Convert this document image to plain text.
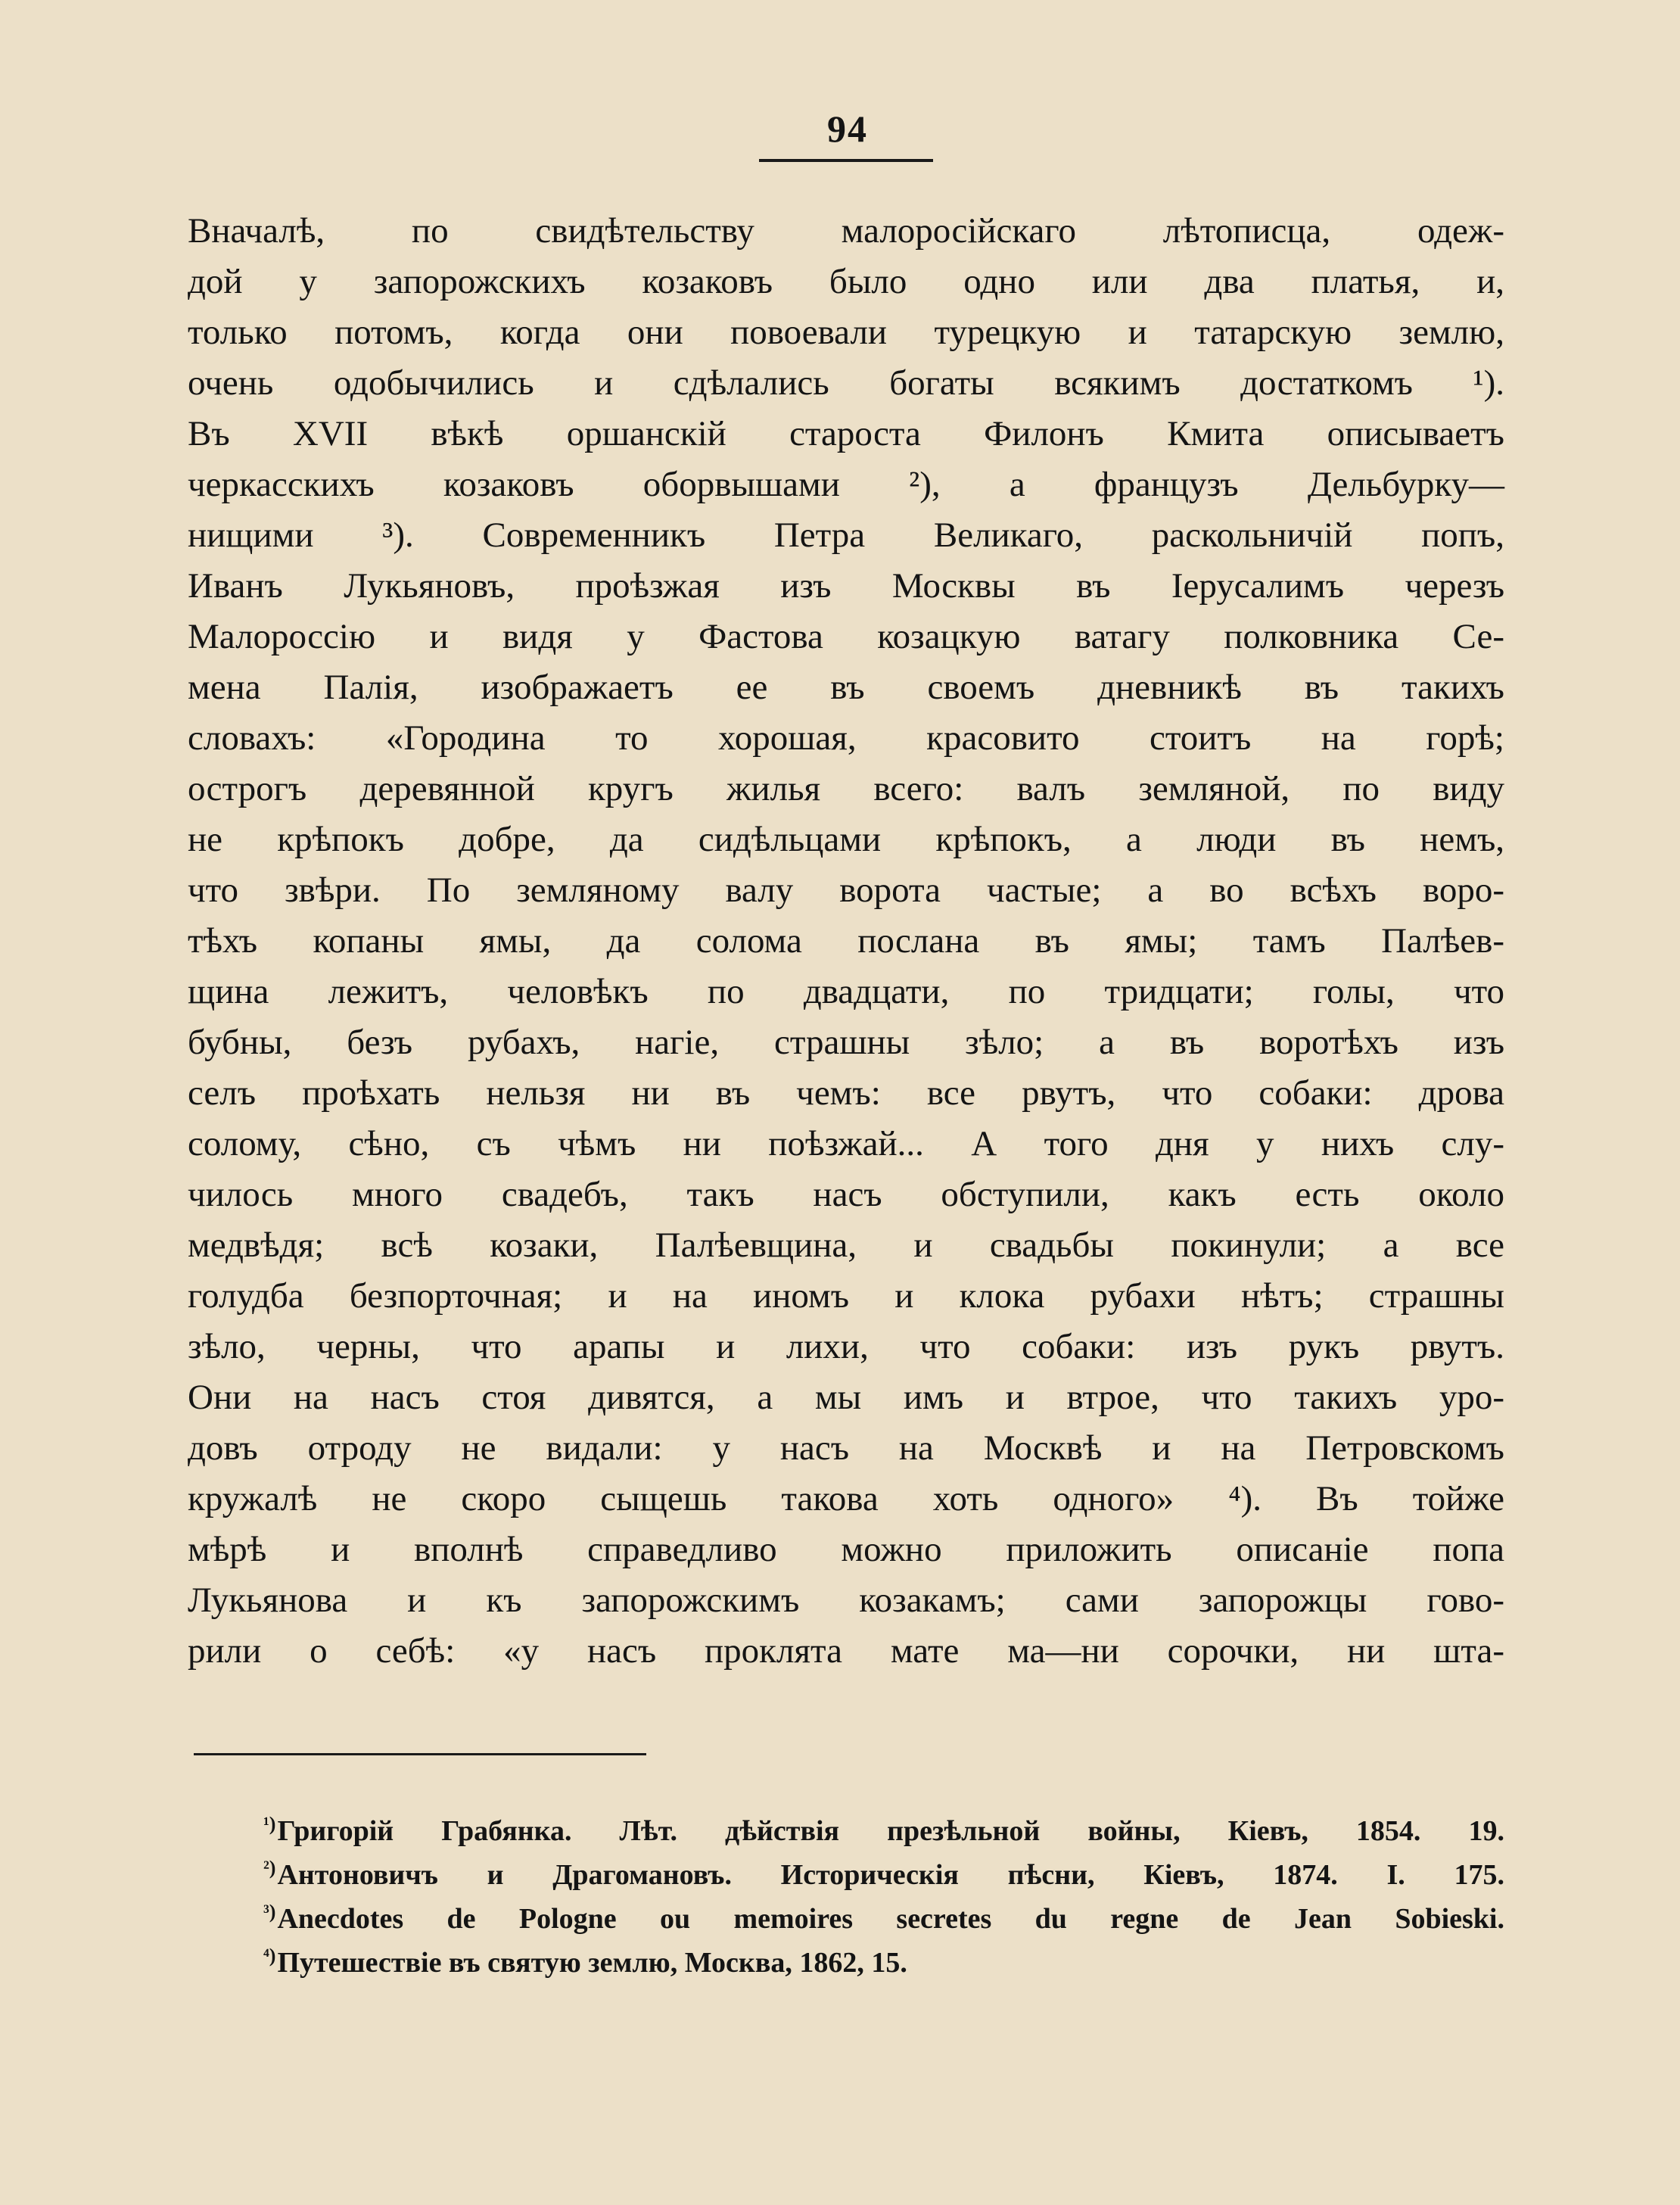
94
Вначалѣ, по свидѣтельству малоросійскаго лѣтописца, одеж-
дой у запорожскихъ козаковъ было одно или два платья, и,
только потомъ, когда они повоевали турецкую и татарскую землю,
очень одобычились и сдѣлались богаты всякимъ достаткомъ ¹).
Въ XVII вѣкѣ оршанскій староста Филонъ Кмита описываетъ
черкасскихъ козаковъ оборвышами ²), а французъ Дельбурку—
нищими ³). Современникъ Петра Великаго, раскольничій попъ,
Иванъ Лукьяновъ, проѣзжая изъ Москвы въ Іерусалимъ черезъ
Малороссію и видя у Фастова козацкую ватагу полковника Се-
мена Палія, изображаетъ ее въ своемъ дневникѣ въ такихъ
словахъ: «Городина то хорошая, красовито стоитъ на горѣ;
острогъ деревянной кругъ жилья всего: валъ земляной, по виду
не крѣпокъ добре, да сидѣльцами крѣпокъ, а люди въ немъ,
что звѣри. По земляному валу ворота частые; а во всѣхъ воро-
тѣхъ копаны ямы, да солома послана въ ямы; тамъ Палѣев-
щина лежитъ, человѣкъ по двадцати, по тридцати; голы, что
бубны, безъ рубахъ, нагіе, страшны зѣло; а въ воротѣхъ изъ
селъ проѣхать нельзя ни въ чемъ: все рвутъ, что собаки: дрова
солому, сѣно, съ чѣмъ ни поѣзжай... А того дня у нихъ слу-
чилось много свадебъ, такъ насъ обступили, какъ есть около
медвѣдя; всѣ козаки, Палѣевщина, и свадьбы покинули; а все
голудба безпорточная; и на иномъ и клока рубахи нѣтъ; страшны
зѣло, черны, что арапы и лихи, что собаки: изъ рукъ рвутъ.
Они на насъ стоя дивятся, а мы имъ и втрое, что такихъ уро-
довъ отроду не видали: у насъ на Москвѣ и на Петровскомъ
кружалѣ не скоро сыщешь такова хоть одного» ⁴). Въ тойже
мѣрѣ и вполнѣ справедливо можно приложить описаніе попа
Лукьянова и къ запорожскимъ козакамъ; сами запорожцы гово-
рили о себѣ: «у насъ проклята мате ма—ни сорочки, ни шта-
$^{^1)}$Григорій Грабянка. Лѣт. дѣйствія презѣльной войны, Кіевъ, 1854. 19.
$^{^2)}$Антоновичъ и Драгомановъ. Историческія пѣсни, Кіевъ, 1874. I. 175.
$^{^3)}$Anecdotes de Pologne ou memoires secretes du regne de Jean Sobieski.
$^{^4)}$Путешествіе въ святую землю, Москва, 1862, 15.
